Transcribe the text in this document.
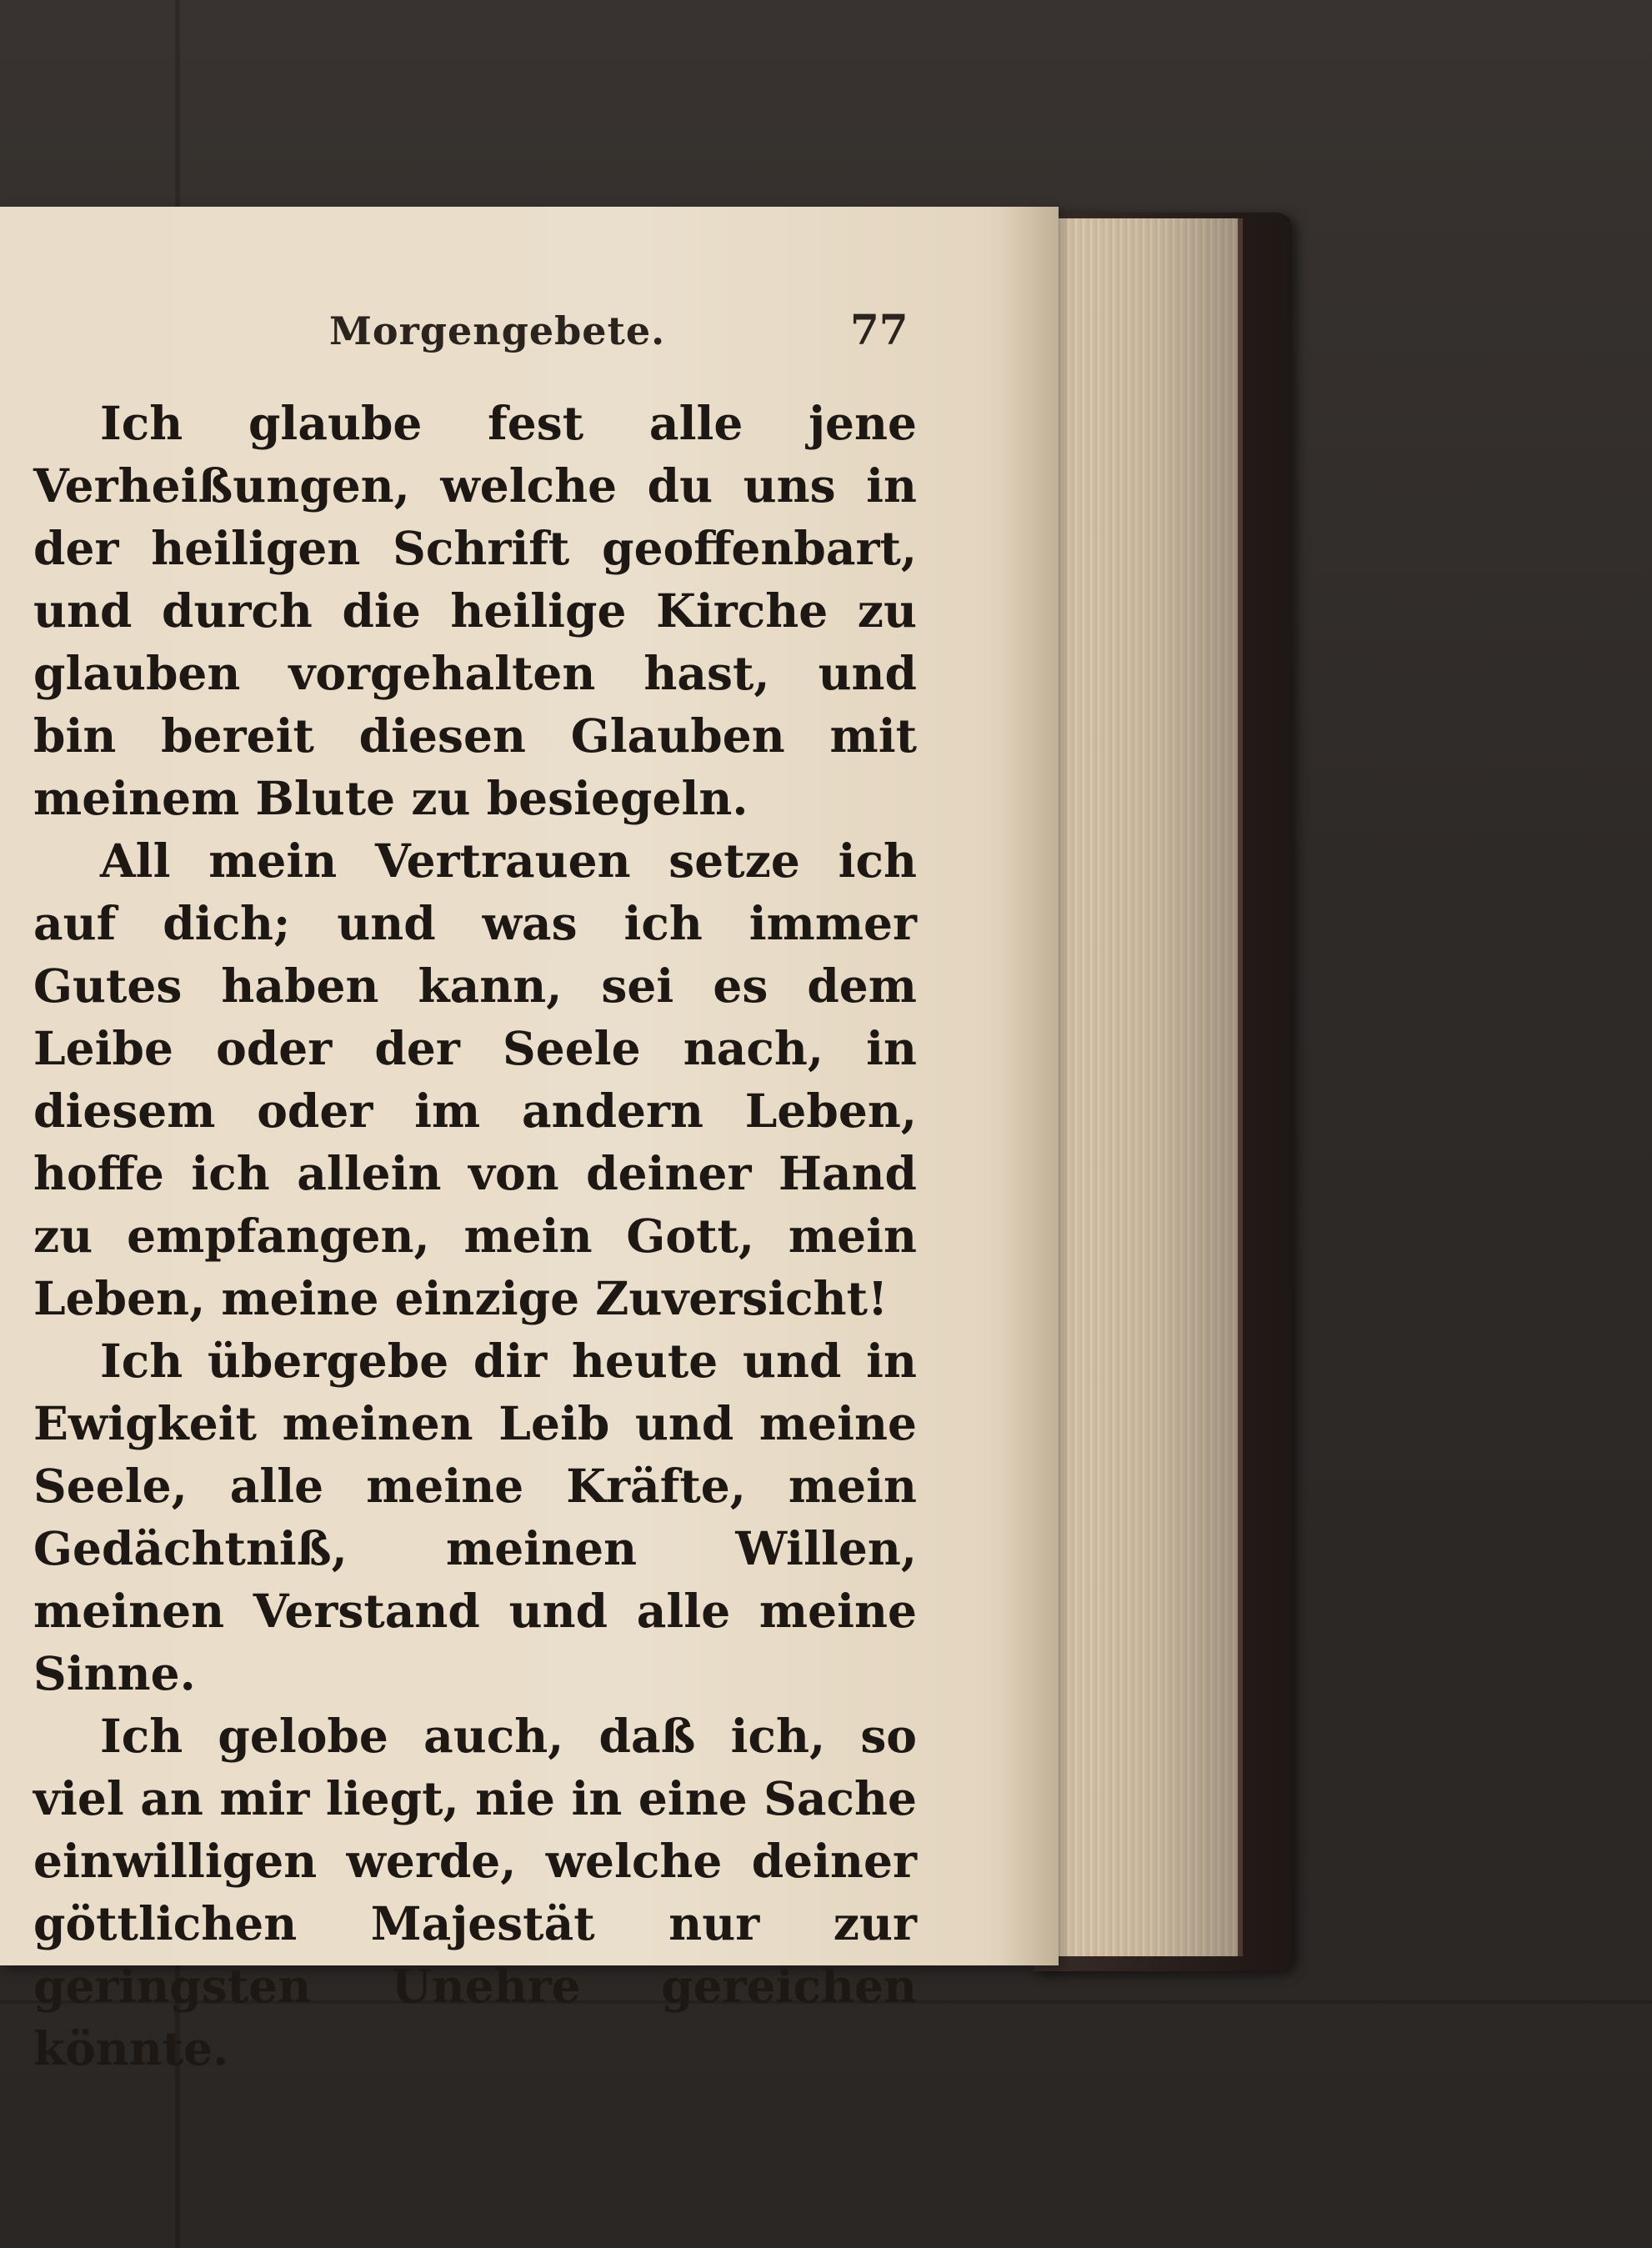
Morgengebete.	77

Ich glaube fest alle jene Verheißungen, welche du uns in der heiligen Schrift geoffenbart, und durch die heilige Kirche zu glauben vorgehalten hast, und bin bereit diesen Glauben mit meinem Blute zu besiegeln.

All mein Vertrauen setze ich auf dich; und was ich immer Gutes haben kann, sei es dem Leibe oder der Seele nach, in diesem oder im andern Leben, hoffe ich allein von deiner Hand zu empfangen, mein Gott, mein Leben, meine einzige Zuversicht!

Ich übergebe dir heute und in Ewigkeit meinen Leib und meine Seele, alle meine Kräfte, mein Gedächtniß, meinen Willen, meinen Verstand und alle meine Sinne.

Ich gelobe auch, daß ich, so viel an mir liegt, nie in eine Sache einwilligen werde, welche deiner göttlichen Majestät nur zur geringsten Unehre gereichen könnte.
